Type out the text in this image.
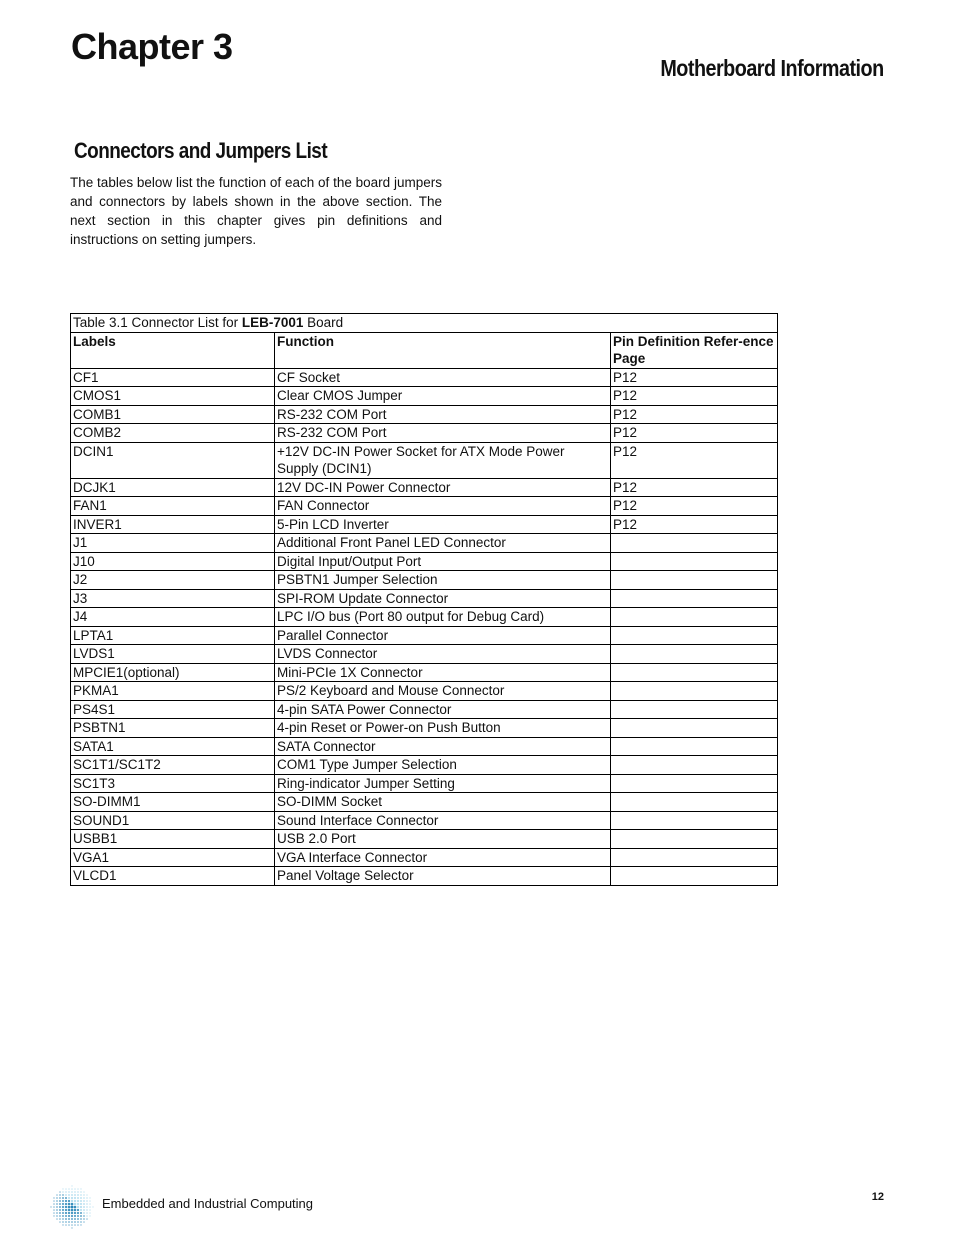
Chapter 3
Motherboard Information
Connectors and Jumpers List
The tables below list the function of each of the board jumpers and connectors by labels shown in the above section. The next section in this chapter gives pin definitions and instructions on setting jumpers.
Table 3.1 Connector List for LEB-7001 Board		
Labels	Function	Pin Definition Refer-ence Page
CF1	CF Socket	P12
CMOS1	Clear CMOS Jumper	P12
COMB1	RS-232 COM Port	P12
COMB2	RS-232 COM Port	P12
DCIN1	+12V DC-IN Power Socket for ATX Mode Power Supply (DCIN1)	P12
DCJK1	12V DC-IN Power Connector	P12
FAN1	FAN Connector	P12
INVER1	5-Pin LCD Inverter	P12
J1	Additional Front Panel LED Connector	
J10	Digital Input/Output Port	
J2	PSBTN1 Jumper Selection	
J3	SPI-ROM Update Connector	
J4	LPC I/O bus (Port 80 output for Debug Card)	
LPTA1	Parallel Connector	
LVDS1	LVDS Connector	
MPCIE1(optional)	Mini-PCIe 1X Connector	
PKMA1	PS/2 Keyboard and Mouse Connector	
PS4S1	4-pin SATA Power Connector	
PSBTN1	4-pin Reset or Power-on Push Button	
SATA1	SATA Connector	
SC1T1/SC1T2	COM1 Type Jumper Selection	
SC1T3	Ring-indicator Jumper Setting	
SO-DIMM1	SO-DIMM Socket	
SOUND1	Sound Interface Connector	
USBB1	USB 2.0 Port	
VGA1	VGA Interface Connector	
VLCD1	Panel Voltage Selector	
Embedded and Industrial Computing	12
